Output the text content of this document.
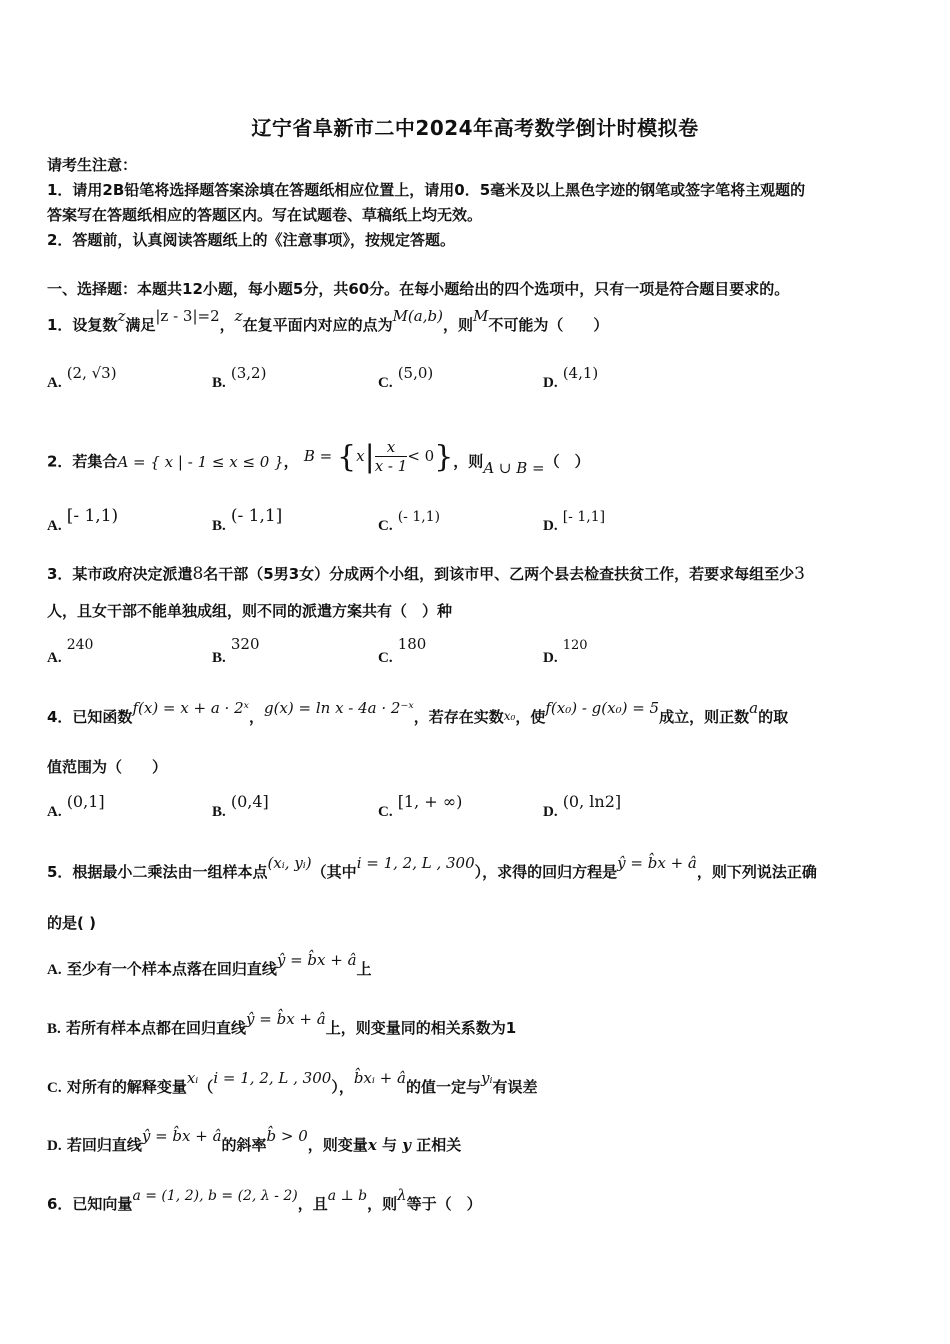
辽宁省阜新市二中2024年高考数学倒计时模拟卷
请考生注意：
1．请用2B铅笔将选择题答案涂填在答题纸相应位置上，请用0．5毫米及以上黑色字迹的钢笔或签字笔将主观题的
答案写在答题纸相应的答题区内。写在试题卷、草稿纸上均无效。
2．答题前，认真阅读答题纸上的《注意事项》，按规定答题。
一、选择题：本题共12小题，每小题5分，共60分。在每小题给出的四个选项中，只有一项是符合题目要求的。
1．设复数z满足|z - 3|=2，z在复平面内对应的点为M(a,b)，则M不可能为（　　）
A. (2, √3)
B. (3,2)
C. (5,0)
D. (4,1)
2．若集合A = { x | - 1 ≤ x ≤ 0 }， $B = \{x| \frac{x}{x - 1} < 0\}$，则A ∪ B =（　）
A. [- 1,1)	B. (- 1,1]	C. (- 1,1)
D. [- 1,1]
3．某市政府决定派遣8名干部（5男3女）分成两个小组，到该市甲、乙两个县去检查扶贫工作，若要求每组至少3
人，且女干部不能单独成组，则不同的派遣方案共有（　）种
A. 240
B. 320
C. 180
D. $^{120}$
4．已知函数f(x) = x + a · 2ˣ，g(x) = ln x - 4a · 2⁻ˣ，若存在实数x₀，使f(x₀) - g(x₀) = 5成立，则正数a的取
值范围为（　　）
A. (0,1]
B. (0,4]
C. [1, + ∞)
D. (0, ln2]
5．根据最小二乘法由一组样本点(xᵢ, yᵢ)（其中i = 1, 2, L , 300），求得的回归方程是ŷ = b̂x + â，则下列说法正确
的是( )
A. 至少有一个样本点落在回归直线ŷ = b̂x + â上
B. 若所有样本点都在回归直线ŷ = b̂x + â上，则变量同的相关系数为1
C. 对所有的解释变量xᵢ（i = 1, 2, L , 300），b̂xᵢ + â的值一定与yᵢ有误差
D. 若回归直线ŷ = b̂x + â的斜率b̂ > 0，则变量x 与 y 正相关
6．已知向量a = (1, 2), b = (2, λ - 2)，且a ⊥ b，则λ等于（　）
